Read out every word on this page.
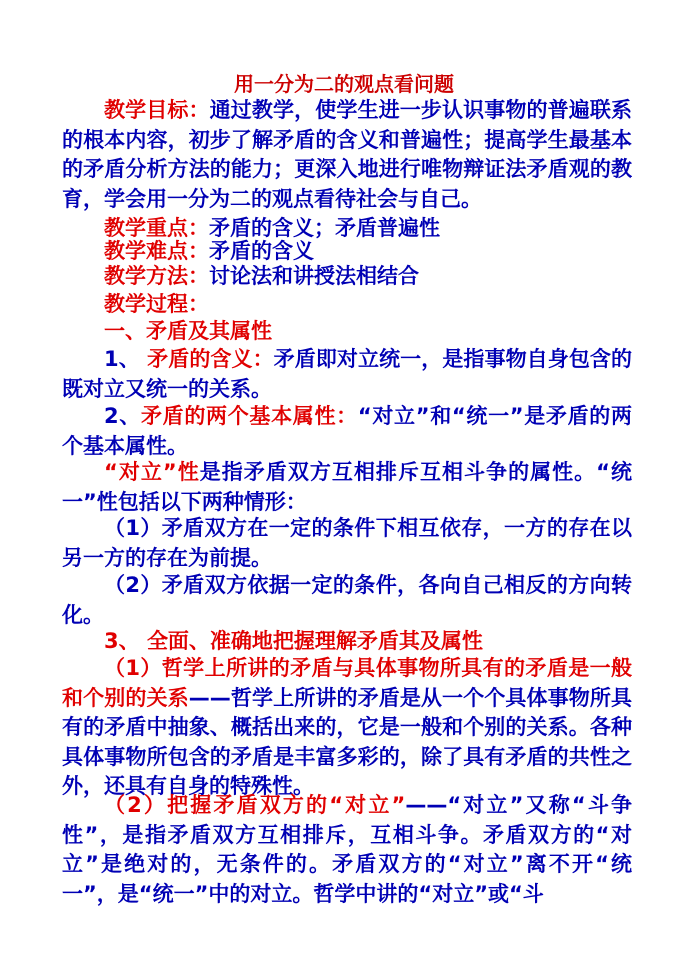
用一分为二的观点看问题

教学目标：通过教学，使学生进一步认识事物的普遍联系的根本内容，初步了解矛盾的含义和普遍性；提高学生最基本的矛盾分析方法的能力；更深入地进行唯物辩证法矛盾观的教育，学会用一分为二的观点看待社会与自己。

教学重点：矛盾的含义；矛盾普遍性

教学难点：矛盾的含义

教学方法：讨论法和讲授法相结合

教学过程：

一、矛盾及其属性

1、 矛盾的含义：矛盾即对立统一，是指事物自身包含的既对立又统一的关系。

2、矛盾的两个基本属性：“对立”和“统一”是矛盾的两个基本属性。

“对立”性是指矛盾双方互相排斥互相斗争的属性。“统一”性包括以下两种情形：

（1）矛盾双方在一定的条件下相互依存，一方的存在以另一方的存在为前提。

（2）矛盾双方依据一定的条件，各向自己相反的方向转化。

3、 全面、准确地把握理解矛盾其及属性

（1）哲学上所讲的矛盾与具体事物所具有的矛盾是一般和个别的关系——哲学上所讲的矛盾是从一个个具体事物所具有的矛盾中抽象、概括出来的，它是一般和个别的关系。各种具体事物所包含的矛盾是丰富多彩的，除了具有矛盾的共性之外，还具有自身的特殊性。

（2）把握矛盾双方的“对立”——“对立”又称“斗争性”，是指矛盾双方互相排斥，互相斗争。矛盾双方的“对立”是绝对的，无条件的。矛盾双方的“对立”离不开“统一”，是“统一”中的对立。哲学中讲的“对立”或“斗
